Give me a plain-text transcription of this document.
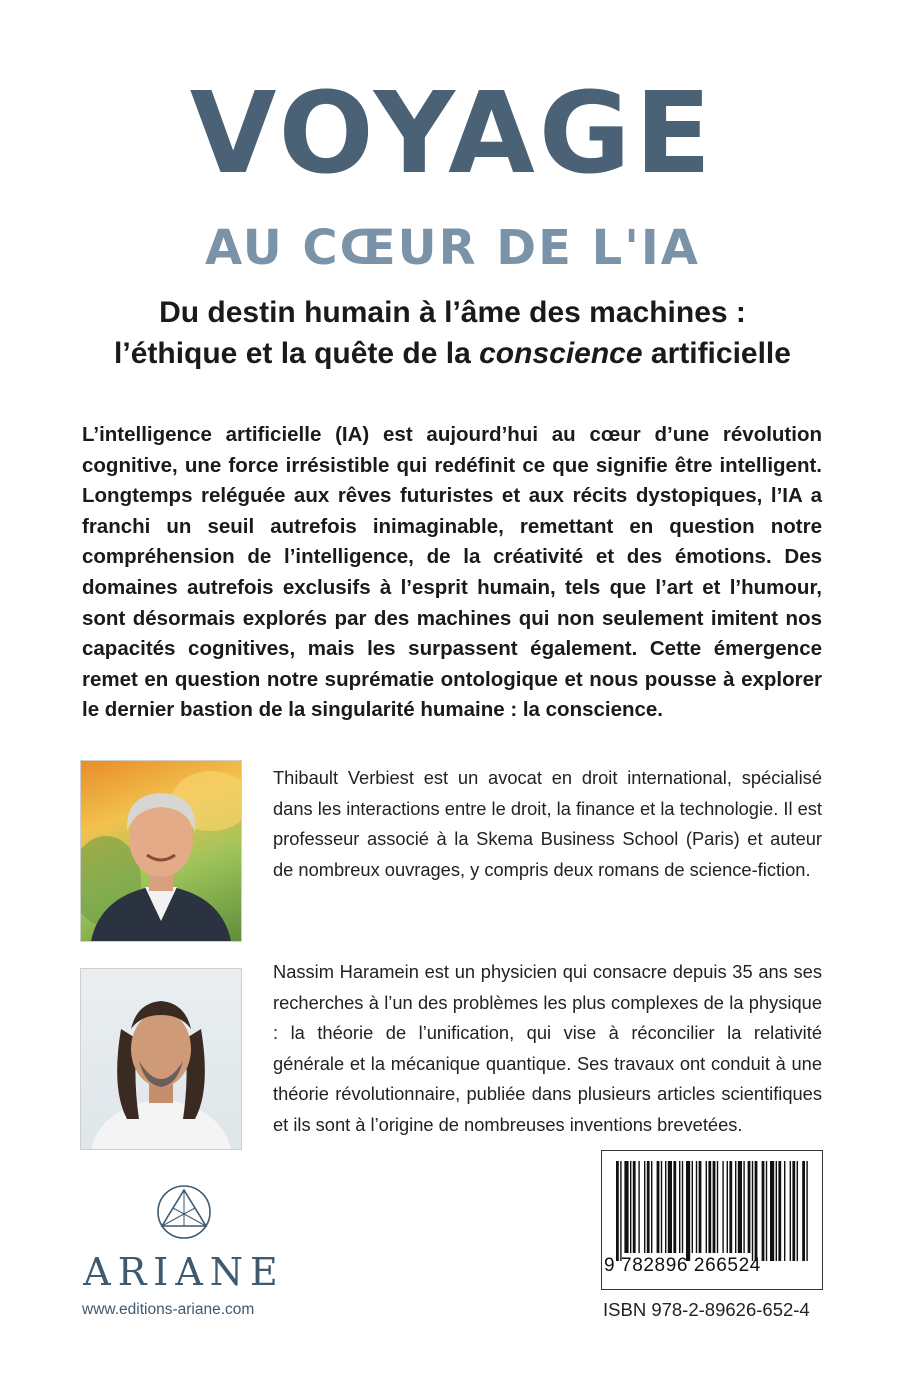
VOYAGE
AU CŒUR DE L'IA
Du destin humain à l’âme des machines :
l’éthique et la quête de la conscience artificielle
L’intelligence artificielle (IA) est aujourd’hui au cœur d’une révolution cognitive, une force irrésistible qui redéfinit ce que signifie être intelligent. Longtemps reléguée aux rêves futuristes et aux récits dystopiques, l’IA a franchi un seuil autrefois inimaginable, remettant en question notre compréhension de l’intelligence, de la créativité et des émotions. Des domaines autrefois exclusifs à l’esprit humain, tels que l’art et l’humour, sont désormais explorés par des machines qui non seulement imitent nos capacités cognitives, mais les surpassent également. Cette émergence remet en question notre suprématie ontologique et nous pousse à explorer le dernier bastion de la singularité humaine : la conscience.
Thibault Verbiest est un avocat en droit international, spécialisé dans les interactions entre le droit, la finance et la technologie. Il est professeur associé à la Skema Business School (Paris) et auteur de nombreux ouvrages, y compris deux romans de science-fiction.
Nassim Haramein est un physicien qui consacre depuis 35 ans ses recherches à l’un des problèmes les plus complexes de la physique : la théorie de l’unification, qui vise à réconcilier la relativité générale et la mécanique quantique. Ses travaux ont conduit à une théorie révolutionnaire, publiée dans plusieurs articles scientifiques et ils sont à l’origine de nombreuses inventions brevetées.
ARIANE
www.editions-ariane.com
9 782896 266524
ISBN 978-2-89626-652-4
